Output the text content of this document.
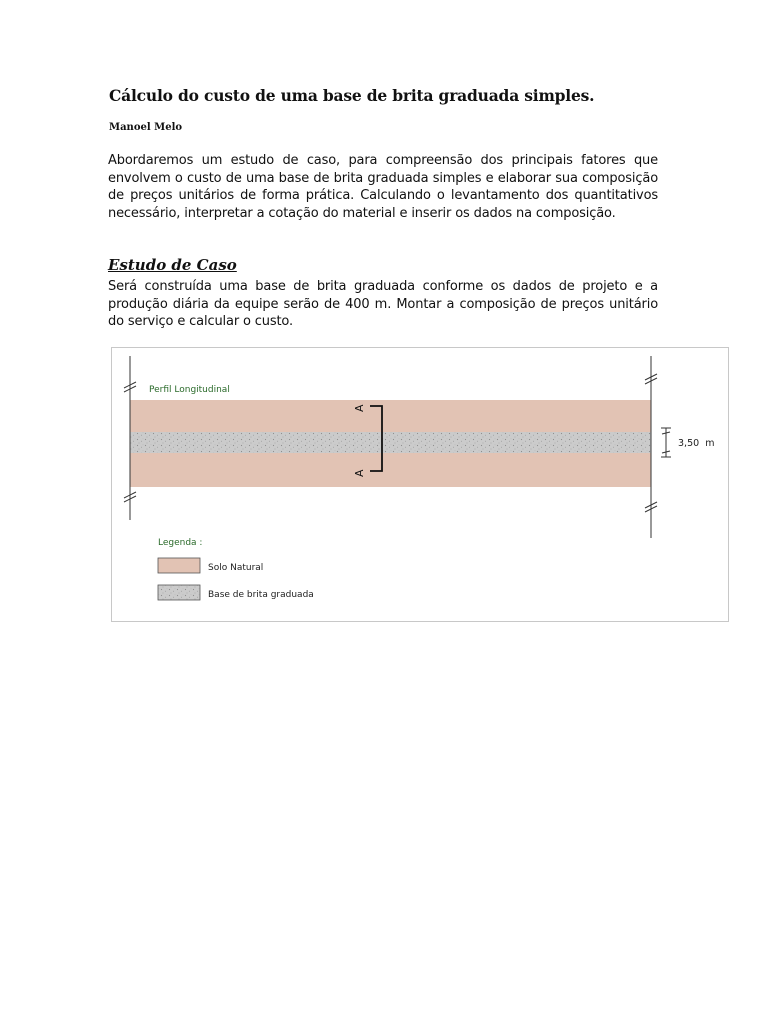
Cálculo do custo de uma base de brita graduada simples.
Manoel Melo
Abordaremos um estudo de caso, para compreensão dos principais fatores que envolvem o custo de uma base de brita graduada simples e elaborar sua composição de preços unitários de forma prática. Calculando o levantamento dos quantitativos necessário, interpretar a cotação do material e inserir os dados na composição.
Estudo de Caso
Será construída uma base de brita graduada conforme os dados de projeto e a produção diária da equipe serão de 400 m. Montar a composição de preços unitário do serviço e calcular o custo.
A
A
3,50  m
Perfil Longitudinal
Legenda :
Solo Natural
Base de brita graduada
